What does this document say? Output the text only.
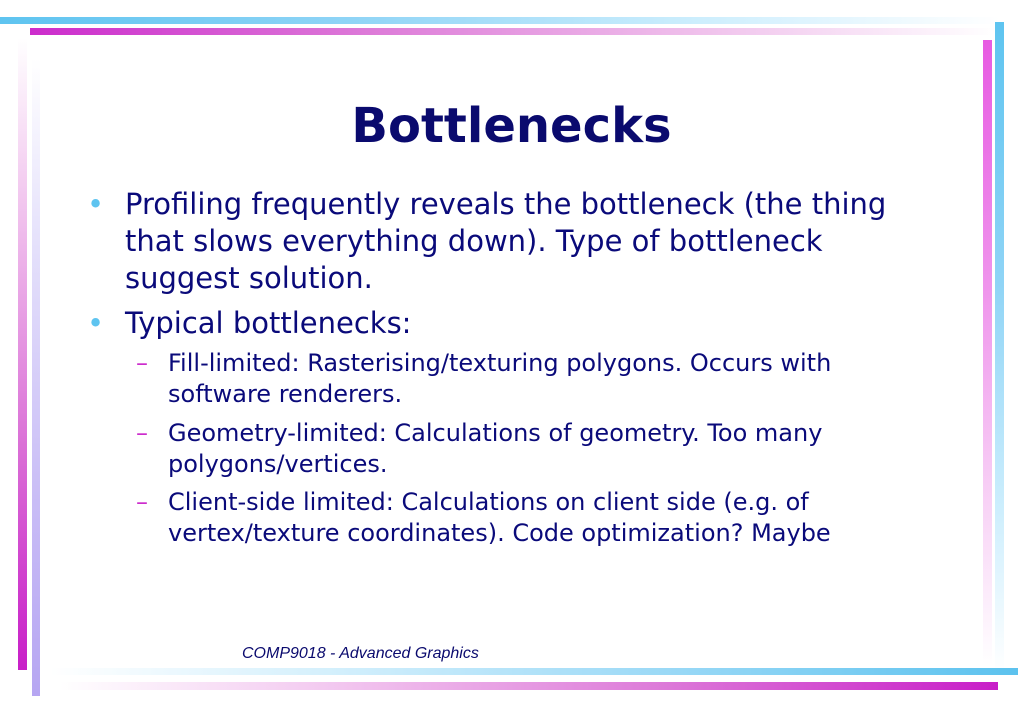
Bottlenecks
• Profiling frequently reveals the bottleneck (the thing that slows everything down). Type of bottleneck suggest solution.
• Typical bottlenecks:
– Fill-limited: Rasterising/texturing polygons. Occurs with software renderers.
– Geometry-limited: Calculations of geometry. Too many polygons/vertices.
– Client-side limited: Calculations on client side (e.g. of vertex/texture coordinates). Code optimization? Maybe

COMP9018 - Advanced Graphics
